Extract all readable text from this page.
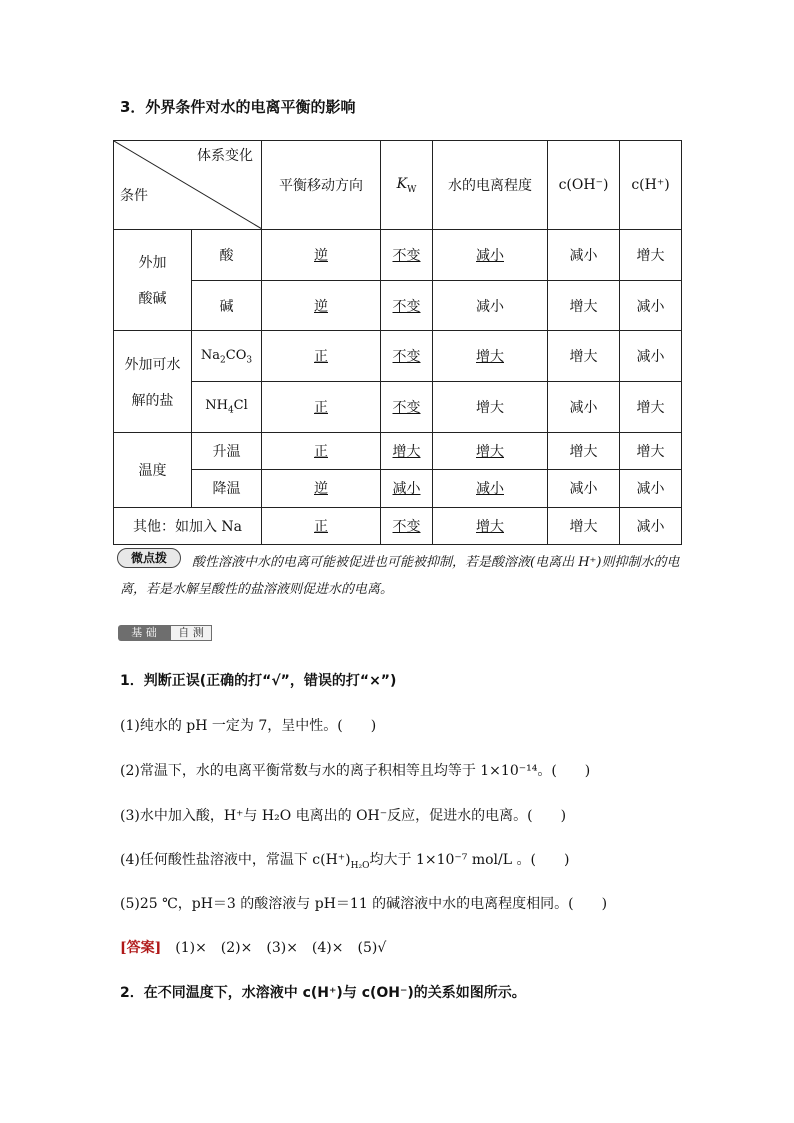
3．外界条件对水的电离平衡的影响
体系变化
条件		平衡移动方向	$K_W$	水的电离程度	c(OH⁻)	c(H⁺)
外加

酸碱	酸	逆	不变	减小	减小	增大
	碱	逆	不变	减小	增大	减小
外加可水

解的盐	$Na_2CO_3$	正	不变	增大	增大	减小
	$NH_4Cl$	正	不变	增大	减小	增大
温度	升温	正	增大	增大	增大	增大
	降温	逆	减小	减小	减小	减小
其他：如加入 Na		正	不变	增大	增大	减小
酸性溶液中水的电离可能被促进也可能被抑制，若是酸溶液(电离出 H⁺)则抑制水的电离，若是水解呈酸性的盐溶液则促进水的电离。
微点拨
基 础	自 测
1．判断正误(正确的打“√”，错误的打“×”)
(1)纯水的 pH 一定为 7，呈中性。(　　)
(2)常温下，水的电离平衡常数与水的离子积相等且均等于 1×10⁻¹⁴。(　　)
(3)水中加入酸，H⁺与 H₂O 电离出的 OH⁻反应，促进水的电离。(　　)
(4)任何酸性盐溶液中，常温下 $c(H^+)_{H_2O}$均大于 1×10⁻⁷ mol/L 。(　　)
(5)25 ℃，pH＝3 的酸溶液与 pH＝11 的碱溶液中水的电离程度相同。(　　)
[答案]　 (1)×　(2)×　(3)×　(4)×　(5)√
2．在不同温度下，水溶液中 c(H⁺)与 c(OH⁻)的关系如图所示。
